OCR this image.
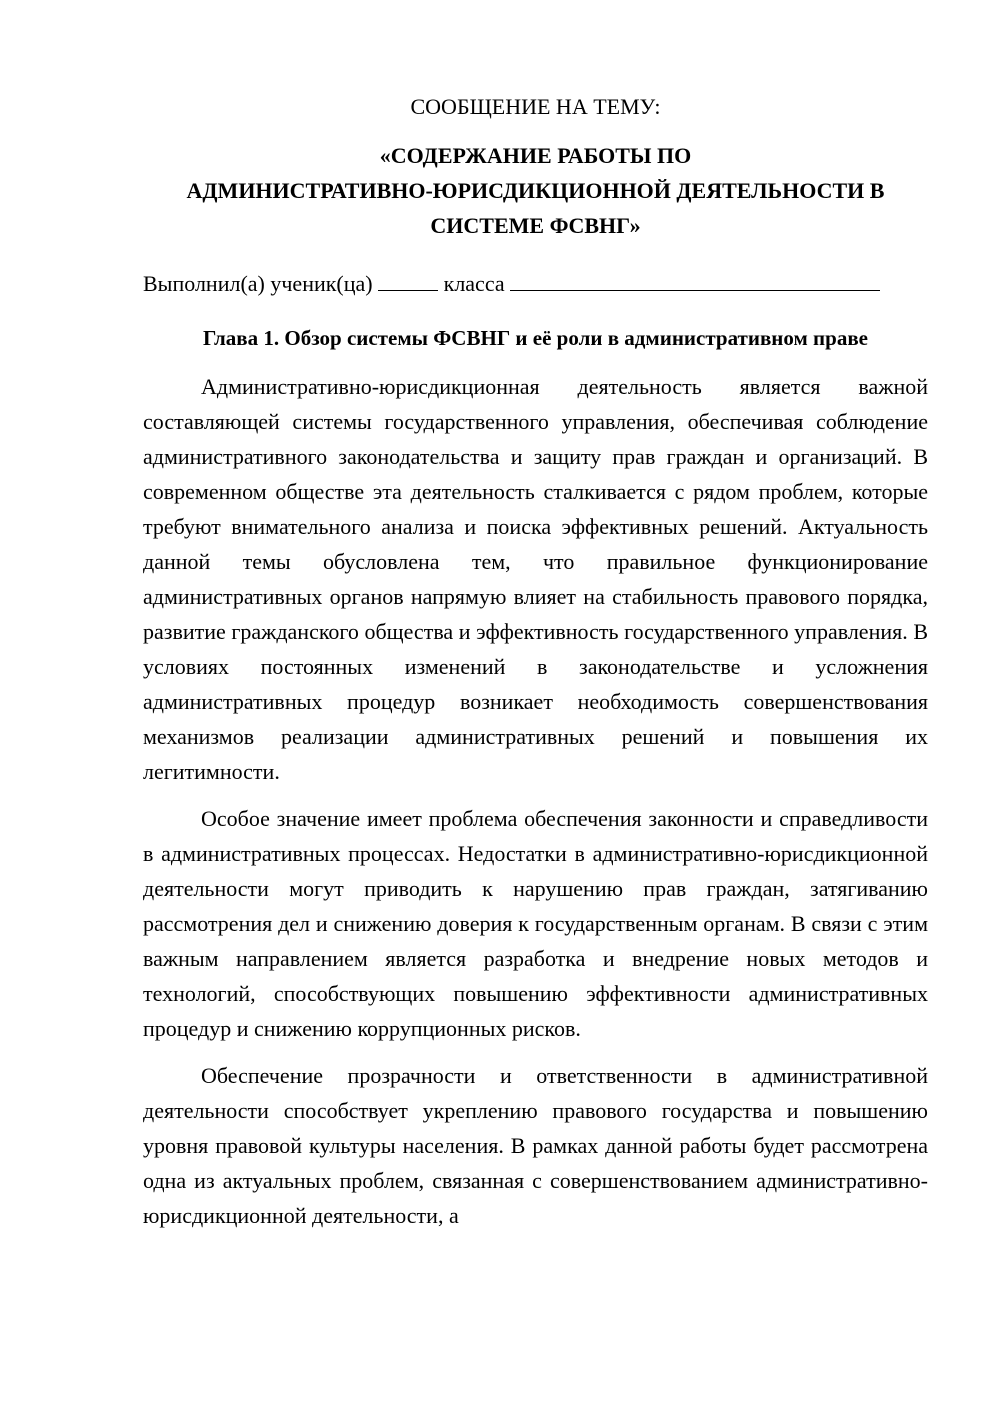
СООБЩЕНИЕ НА ТЕМУ:
«СОДЕРЖАНИЕ РАБОТЫ ПО
АДМИНИСТРАТИВНО-ЮРИСДИКЦИОННОЙ ДЕЯТЕЛЬНОСТИ В
СИСТЕМЕ ФСВНГ»
Выполнил(а) ученик(ца)	класса
Глава 1. Обзор системы ФСВНГ и её роли в административном праве

Административно-юрисдикционная деятельность является важной составляющей системы государственного управления, обеспечивая соблюдение административного законодательства и защиту прав граждан и организаций. В современном обществе эта деятельность сталкивается с рядом проблем, которые требуют внимательного анализа и поиска эффективных решений. Актуальность данной темы обусловлена тем, что правильное функционирование административных органов напрямую влияет на стабильность правового порядка, развитие гражданского общества и эффективность государственного управления. В условиях постоянных изменений в законодательстве и усложнения административных процедур возникает необходимость совершенствования механизмов реализации административных решений и повышения их легитимности.

Особое значение имеет проблема обеспечения законности и справедливости в административных процессах. Недостатки в административно-юрисдикционной деятельности могут приводить к нарушению прав граждан, затягиванию рассмотрения дел и снижению доверия к государственным органам. В связи с этим важным направлением является разработка и внедрение новых методов и технологий, способствующих повышению эффективности административных процедур и снижению коррупционных рисков.

Обеспечение прозрачности и ответственности в административной деятельности способствует укреплению правового государства и повышению уровня правовой культуры населения. В рамках данной работы будет рассмотрена одна из актуальных проблем, связанная с совершенствованием административно-юрисдикционной деятельности, а
